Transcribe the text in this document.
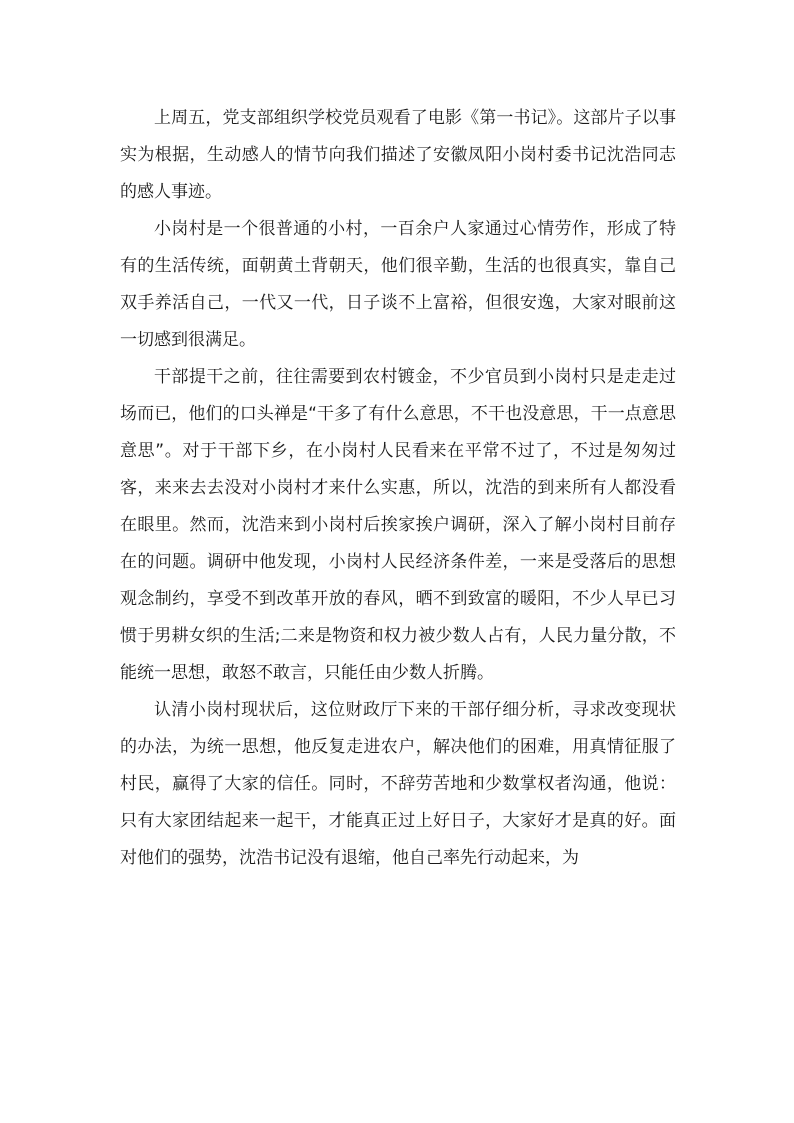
上周五，党支部组织学校党员观看了电影《第一书记》。这部片子以事实为根据，生动感人的情节向我们描述了安徽凤阳小岗村委书记沈浩同志的感人事迹。

小岗村是一个很普通的小村，一百余户人家通过心情劳作，形成了特有的生活传统，面朝黄土背朝天，他们很辛勤，生活的也很真实，靠自己双手养活自己，一代又一代，日子谈不上富裕，但很安逸，大家对眼前这一切感到很满足。

干部提干之前，往往需要到农村镀金，不少官员到小岗村只是走走过场而已，他们的口头禅是“干多了有什么意思，不干也没意思，干一点意思意思”。对于干部下乡，在小岗村人民看来在平常不过了，不过是匆匆过客，来来去去没对小岗村才来什么实惠，所以，沈浩的到来所有人都没看在眼里。然而，沈浩来到小岗村后挨家挨户调研，深入了解小岗村目前存在的问题。调研中他发现，小岗村人民经济条件差，一来是受落后的思想观念制约，享受不到改革开放的春风，晒不到致富的暖阳，不少人早已习惯于男耕女织的生活;二来是物资和权力被少数人占有，人民力量分散，不能统一思想，敢怒不敢言，只能任由少数人折腾。

认清小岗村现状后，这位财政厅下来的干部仔细分析，寻求改变现状的办法，为统一思想，他反复走进农户，解决他们的困难，用真情征服了村民，赢得了大家的信任。同时，不辞劳苦地和少数掌权者沟通，他说：只有大家团结起来一起干，才能真正过上好日子，大家好才是真的好。面对他们的强势，沈浩书记没有退缩，他自己率先行动起来，为
